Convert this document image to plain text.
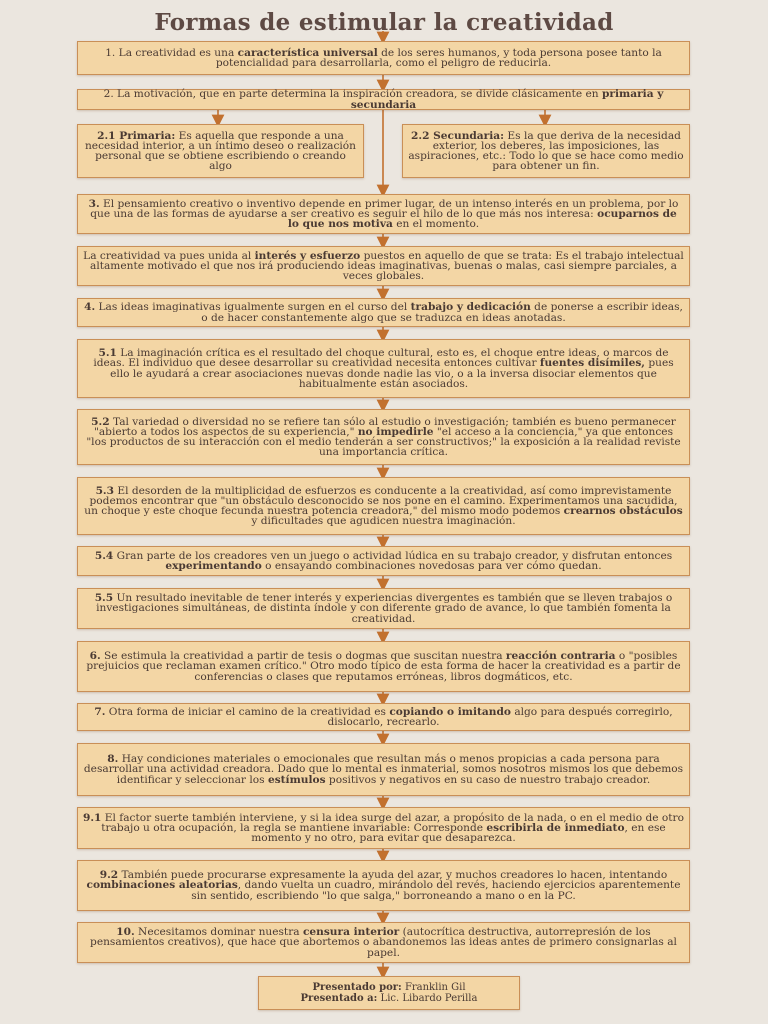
Formas de estimular la creatividad
1. La creatividad es una característica universal de los seres humanos, y toda persona posee tanto la potencialidad para desarrollarla, como el peligro de reducirla.
2. La motivación, que en parte determina la inspiración creadora, se divide clásicamente en primaria y secundaria
2.1 Primaria: Es aquella que responde a una necesidad interior, a un íntimo deseo o realización personal que se obtiene escribiendo o creando algo
2.2 Secundaria: Es la que deriva de la necesidad exterior, los deberes, las imposiciones, las aspiraciones, etc.: Todo lo que se hace como medio para obtener un fin.
3. El pensamiento creativo o inventivo depende en primer lugar, de un intenso interés en un problema, por lo que una de las formas de ayudarse a ser creativo es seguir el hilo de lo que más nos interesa: ocuparnos de lo que nos motiva en el momento.
La creatividad va pues unida al interés y esfuerzo puestos en aquello de que se trata: Es el trabajo intelectual altamente motivado el que nos irá produciendo ideas imaginativas, buenas o malas, casi siempre parciales, a veces globales.
4. Las ideas imaginativas igualmente surgen en el curso del trabajo y dedicación de ponerse a escribir ideas, o de hacer constantemente algo que se traduzca en ideas anotadas.
5.1 La imaginación crítica es el resultado del choque cultural, esto es, el choque entre ideas, o marcos de ideas. El individuo que desee desarrollar su creatividad necesita entonces cultivar fuentes disímiles, pues ello le ayudará a crear asociaciones nuevas donde nadie las vio, o a la inversa disociar elementos que habitualmente están asociados.
5.2 Tal variedad o diversidad no se refiere tan sólo al estudio o investigación; también es bueno permanecer "abierto a todos los aspectos de su experiencia," no impedirle "el acceso a la conciencia," ya que entonces "los productos de su interacción con el medio tenderán a ser constructivos;" la exposición a la realidad reviste una importancia crítica.
5.3 El desorden de la multiplicidad de esfuerzos es conducente a la creatividad, así como imprevistamente podemos encontrar que "un obstáculo desconocido se nos pone en el camino. Experimentamos una sacudida, un choque y este choque fecunda nuestra potencia creadora," del mismo modo podemos crearnos obstáculos y dificultades que agudicen nuestra imaginación.
5.4 Gran parte de los creadores ven un juego o actividad lúdica en su trabajo creador, y disfrutan entonces experimentando o ensayando combinaciones novedosas para ver cómo quedan.
5.5 Un resultado inevitable de tener interés y experiencias divergentes es también que se lleven trabajos o investigaciones simultáneas, de distinta índole y con diferente grado de avance, lo que también fomenta la creatividad.
6. Se estimula la creatividad a partir de tesis o dogmas que suscitan nuestra reacción contraria o "posibles prejuicios que reclaman examen crítico." Otro modo típico de esta forma de hacer la creatividad es a partir de conferencias o clases que reputamos erróneas, libros dogmáticos, etc.
7. Otra forma de iniciar el camino de la creatividad es copiando o imitando algo para después corregirlo, dislocarlo, recrearlo.
8. Hay condiciones materiales o emocionales que resultan más o menos propicias a cada persona para desarrollar una actividad creadora. Dado que lo mental es inmaterial, somos nosotros mismos los que debemos identificar y seleccionar los estímulos positivos y negativos en su caso de nuestro trabajo creador.
9.1 El factor suerte también interviene, y si la idea surge del azar, a propósito de la nada, o en el medio de otro trabajo u otra ocupación, la regla se mantiene invariable: Corresponde escribirla de inmediato, en ese momento y no otro, para evitar que desaparezca.
9.2 También puede procurarse expresamente la ayuda del azar, y muchos creadores lo hacen, intentando combinaciones aleatorias, dando vuelta un cuadro, mirándolo del revés, haciendo ejercicios aparentemente sin sentido, escribiendo "lo que salga," borroneando a mano o en la PC.
10. Necesitamos dominar nuestra censura interior (autocrítica destructiva, autorrepresión de los pensamientos creativos), que hace que abortemos o abandonemos las ideas antes de primero consignarlas al papel.
Presentado por: Franklin Gil
Presentado a: Lic. Libardo Perilla
